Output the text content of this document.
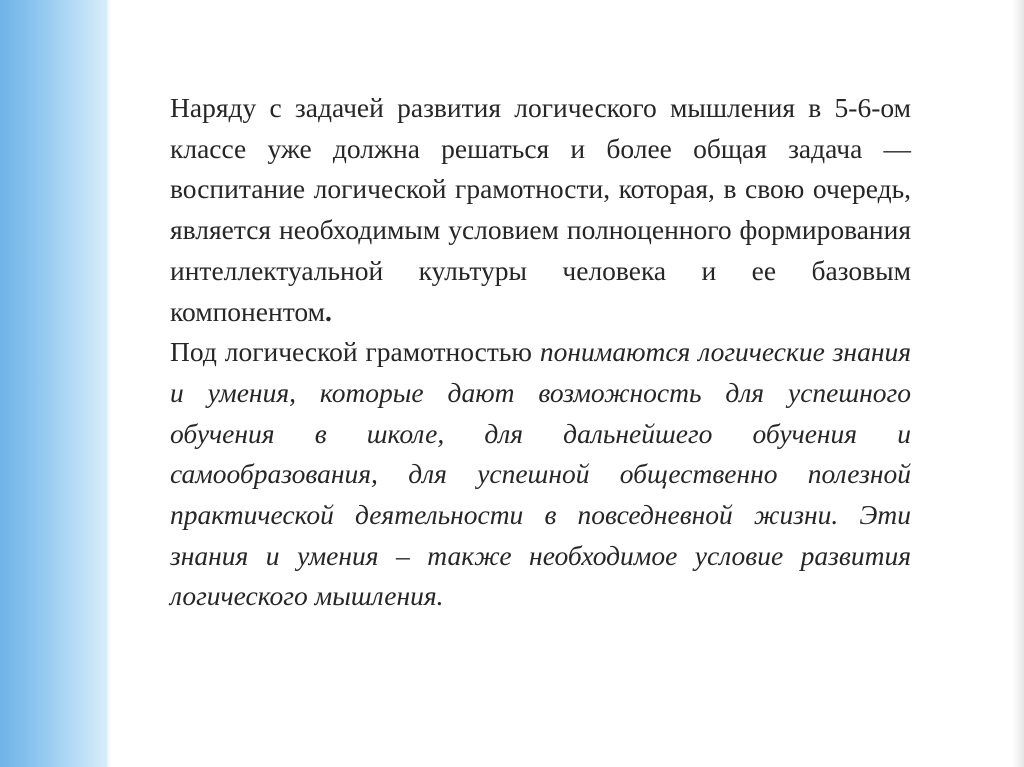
Наряду с задачей развития логического мышления в 5-6-ом классе уже должна решаться и более общая задача — воспитание логической грамотности, которая, в свою очередь, является необходимым условием полноценного формирования интеллектуальной культуры человека и ее базовым компонентом.

Под логической грамотностью понимаются логические знания и умения, которые дают возможность для успешного обучения в школе, для дальнейшего обучения и самообразования, для успешной общественно полезной практической деятельности в повседневной жизни. Эти знания и умения – также необходимое условие развития логического мышления.
